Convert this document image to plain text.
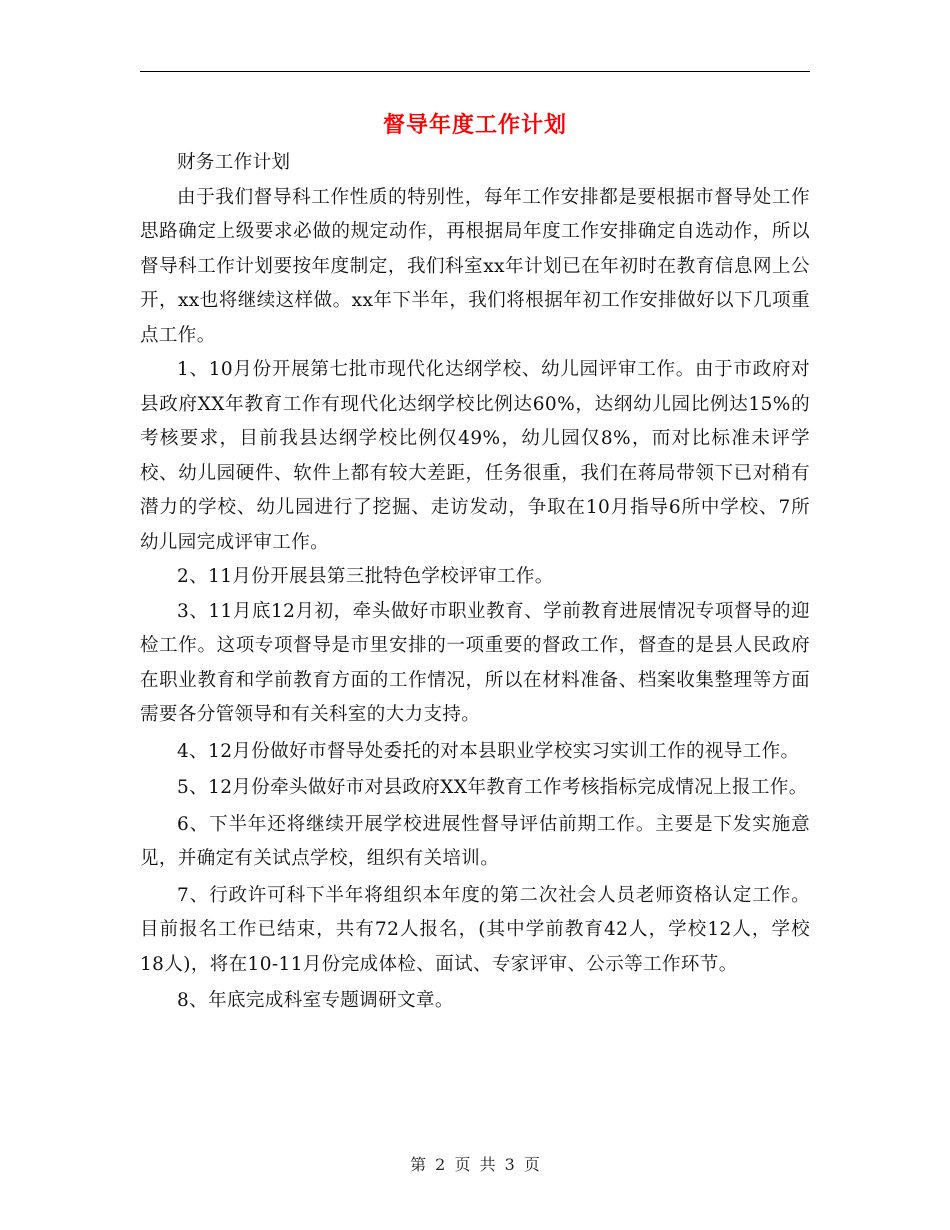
督导年度工作计划

财务工作计划

由于我们督导科工作性质的特别性，每年工作安排都是要根据市督导处工作思路确定上级要求必做的规定动作，再根据局年度工作安排确定自选动作，所以督导科工作计划要按年度制定，我们科室xx年计划已在年初时在教育信息网上公开，xx也将继续这样做。xx年下半年，我们将根据年初工作安排做好以下几项重点工作。

1、10月份开展第七批市现代化达纲学校、幼儿园评审工作。由于市政府对县政府XX年教育工作有现代化达纲学校比例达60%，达纲幼儿园比例达15%的考核要求，目前我县达纲学校比例仅49%，幼儿园仅8%，而对比标准未评学校、幼儿园硬件、软件上都有较大差距，任务很重，我们在蒋局带领下已对稍有潜力的学校、幼儿园进行了挖掘、走访发动，争取在10月指导6所中学校、7所幼儿园完成评审工作。

2、11月份开展县第三批特色学校评审工作。

3、11月底12月初，牵头做好市职业教育、学前教育进展情况专项督导的迎检工作。这项专项督导是市里安排的一项重要的督政工作，督查的是县人民政府在职业教育和学前教育方面的工作情况，所以在材料准备、档案收集整理等方面需要各分管领导和有关科室的大力支持。

4、12月份做好市督导处委托的对本县职业学校实习实训工作的视导工作。

5、12月份牵头做好市对县政府XX年教育工作考核指标完成情况上报工作。

6、下半年还将继续开展学校进展性督导评估前期工作。主要是下发实施意见，并确定有关试点学校，组织有关培训。

7、行政许可科下半年将组织本年度的第二次社会人员老师资格认定工作。目前报名工作已结束，共有72人报名，(其中学前教育42人，学校12人，学校18人)，将在10-11月份完成体检、面试、专家评审、公示等工作环节。

8、年底完成科室专题调研文章。

第 2 页 共 3 页
